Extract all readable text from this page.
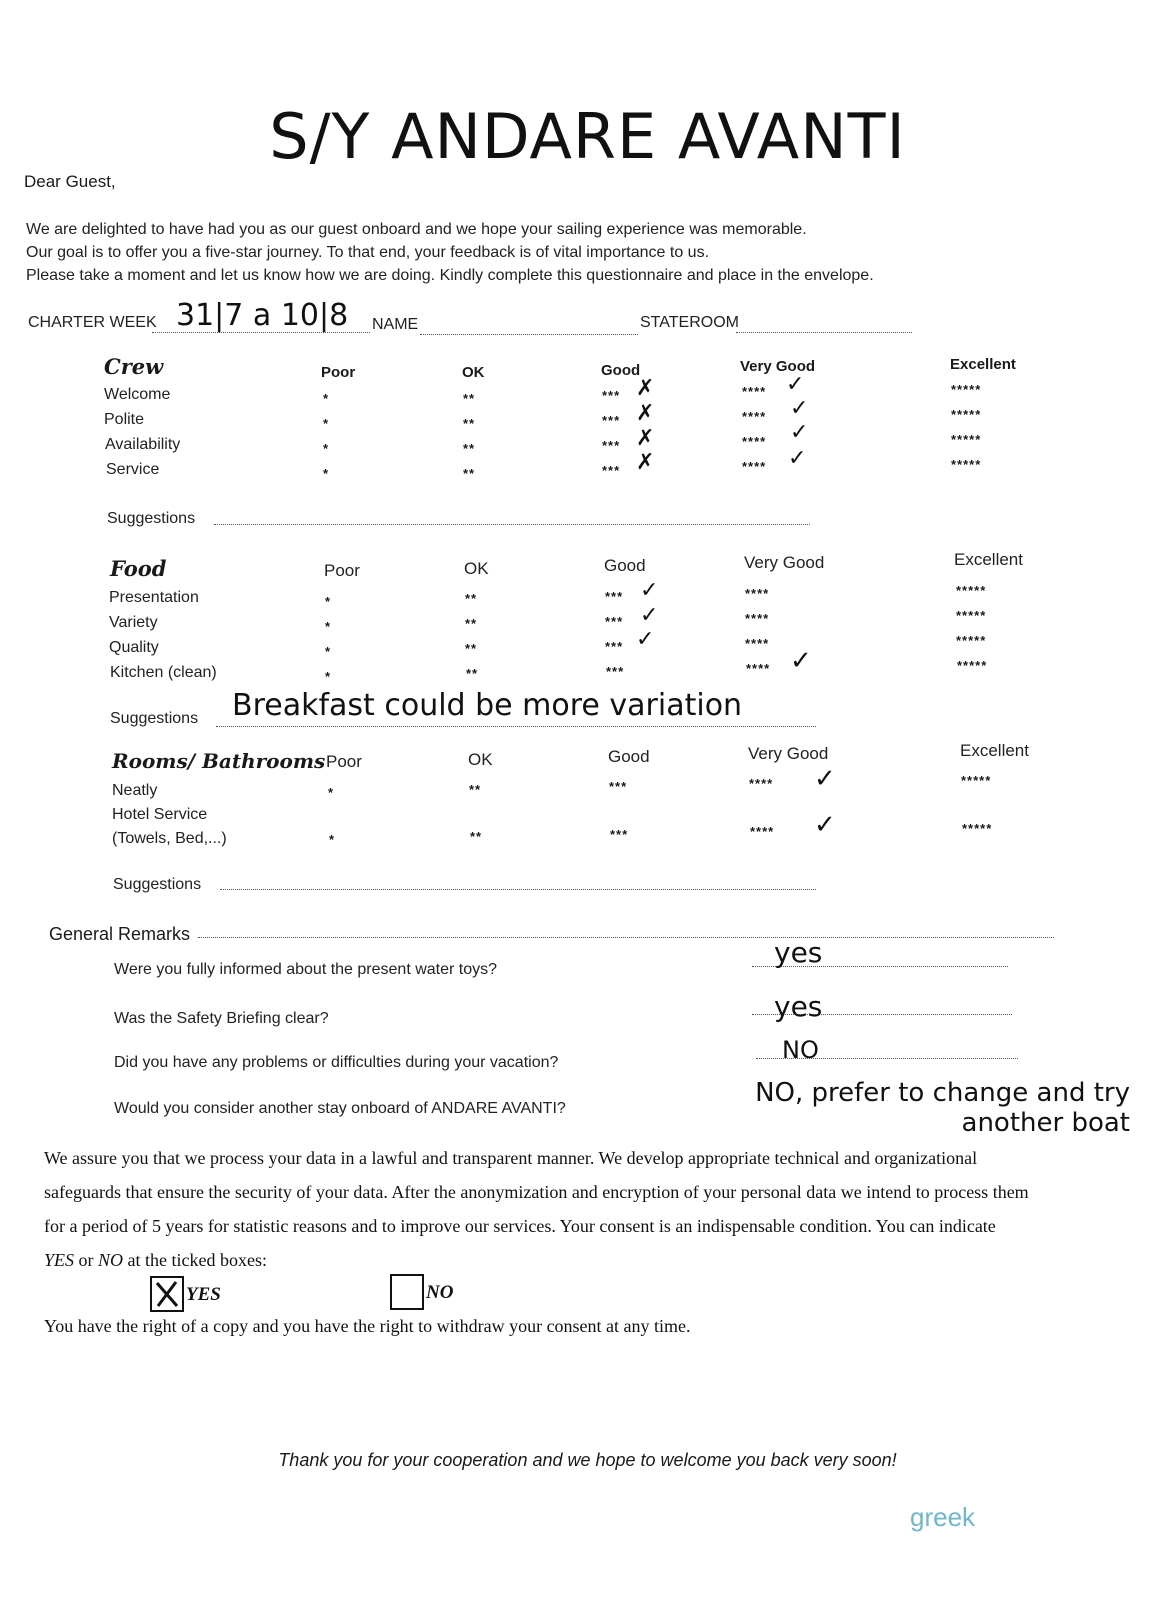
S/Y ANDARE AVANTI
Dear Guest,
We are delighted to have had you as our guest onboard and we hope your sailing experience was memorable.
Our goal is to offer you a five-star journey. To that end, your feedback is of vital importance to us.
Please take a moment and let us know how we are doing. Kindly complete this questionnaire and place in the envelope.
CHARTER WEEK 31|7 a 10|8 NAME	STATEROOM
Crew	Poor	OK	Good	Very Good	Excellent
Welcome	*	**	*** ✗	**** ✓	*****
Polite	*	**	*** ✗	**** ✓	*****
Availability	*	**	*** ✗	**** ✓	*****
Service	*	**	*** ✗	**** ✓	*****
Suggestions
Food	Poor	OK	Good	Very Good	Excellent
Presentation	*	**	*** ✓	****	*****
Variety	*	**	*** ✓	****	*****
Quality	*	**	*** ✓	****	*****
Kitchen (clean)	*	**	***	**** ✓	*****
Suggestions Breakfast could be more variation
Rooms/ Bathrooms Poor	OK	Good	Very Good	Excellent
Neatly	*	**	***	**** ✓	*****
Hotel Service
(Towels, Bed,...)	*	**	***	**** ✓	*****
Suggestions
General Remarks
Were you fully informed about the present water toys?
yes
Was the Safety Briefing clear?	yes
Did you have any problems or difficulties during your vacation?	NO
Would you consider another stay onboard of ANDARE AVANTI?
NO, prefer to change and try another boat
We assure you that we process your data in a lawful and transparent manner. We develop appropriate technical and organizational
safeguards that ensure the security of your data. After the anonymization and encryption of your personal data we intend to process them
for a period of 5 years for statistic reasons and to improve our services. Your consent is an indispensable condition. You can indicate
YES or NO at the ticked boxes:
YES	NO
You have the right of a copy and you have the right to withdraw your consent at any time.
Thank you for your cooperation and we hope to welcome you back very soon!
greek
